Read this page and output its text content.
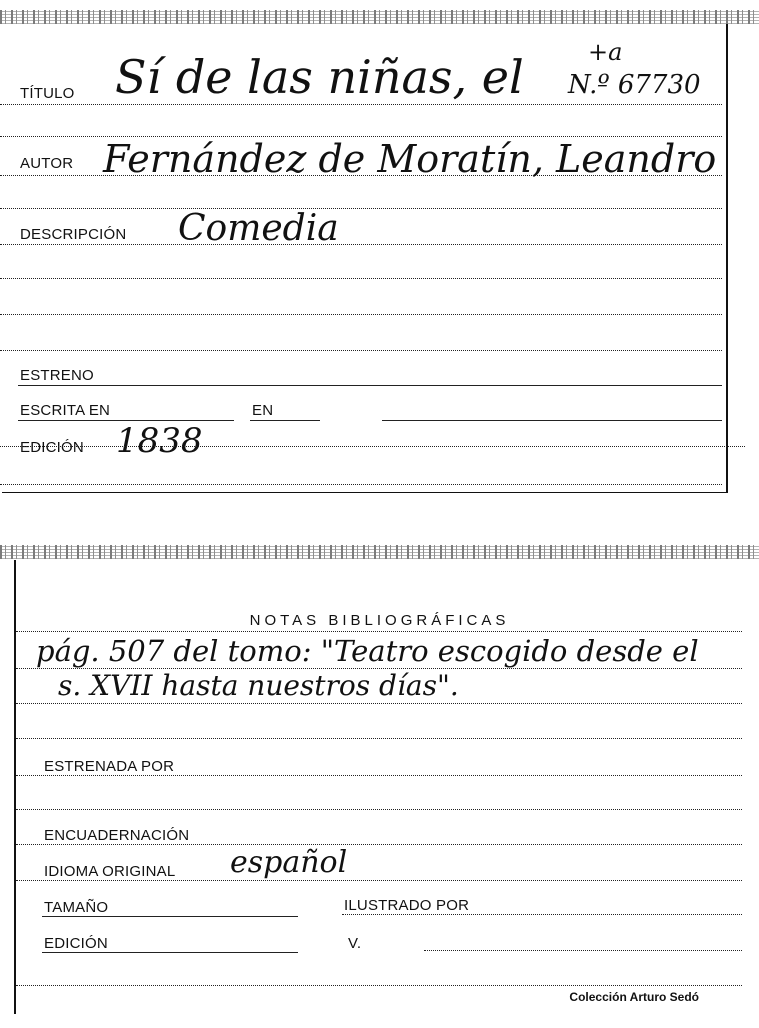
TÍTULO Sí de las niñas, el	+a
N.º 67730
AUTOR Fernández de Moratín, Leandro
DESCRIPCIÓN Comedia
ESTRENO
ESCRITA EN	EN
EDICIÓN 1838
NOTAS BIBLIOGRÁFICAS
pág. 507 del tomo: "Teatro escogido desde el
s. XVII hasta nuestros días".
ESTRENADA POR
ENCUADERNACIÓN
IDIOMA ORIGINAL español
TAMAÑO	ILUSTRADO POR
EDICIÓN	V.
Colección Arturo Sedó
